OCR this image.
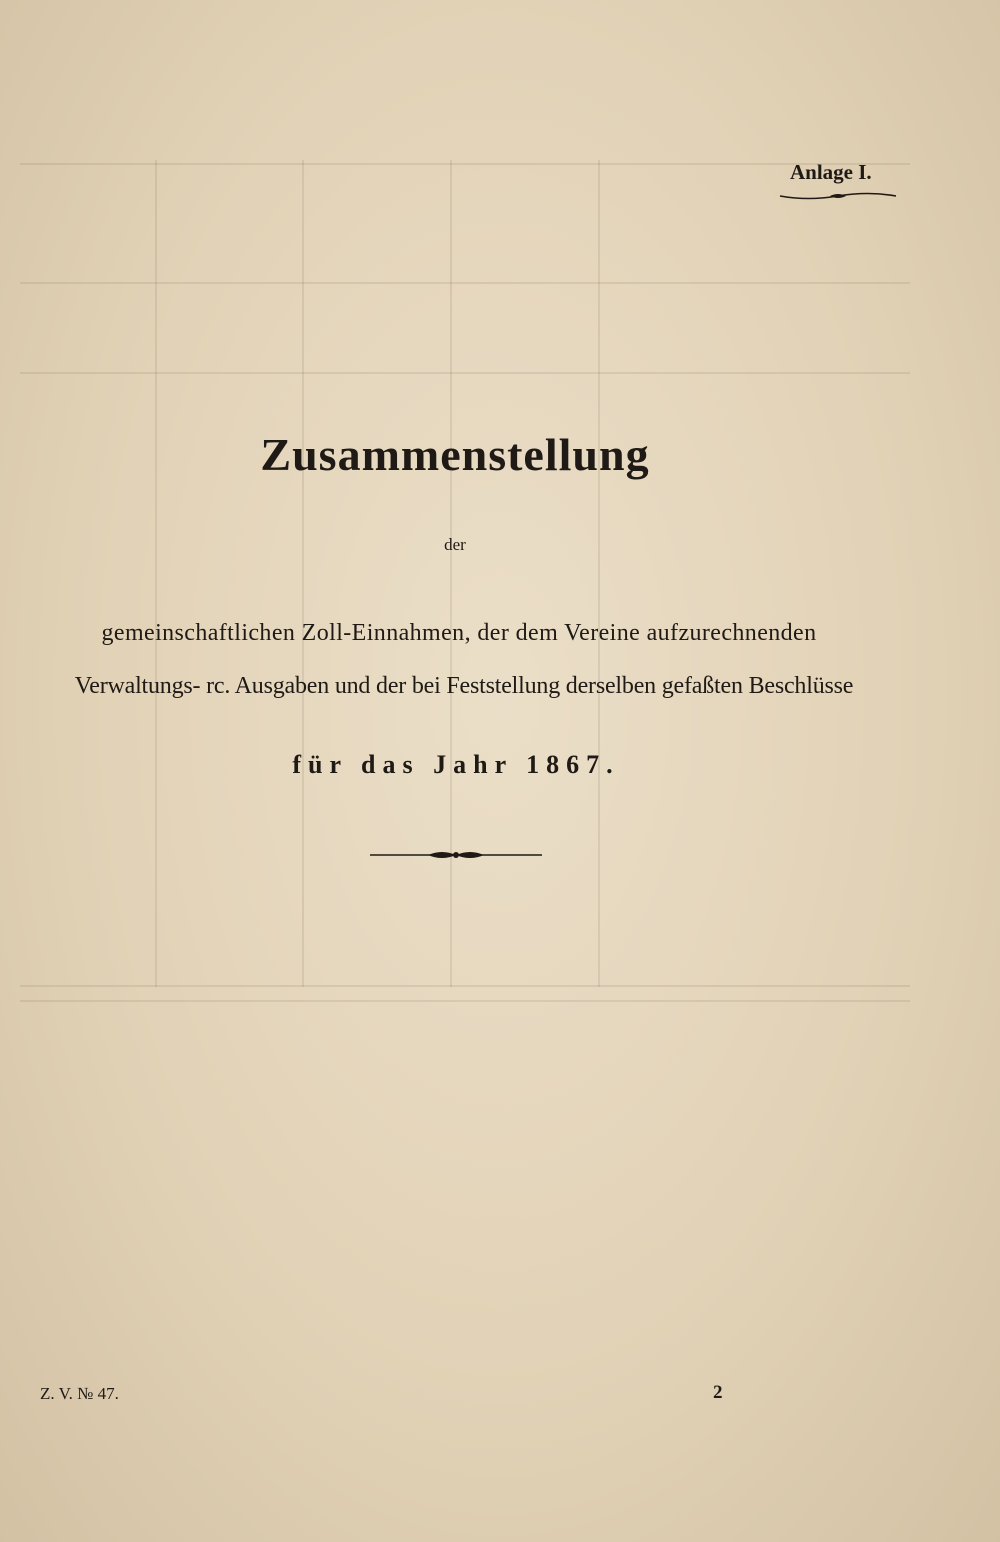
Anlage I.
Zusammenstellung
der
gemeinschaftlichen Zoll-Einnahmen, der dem Vereine aufzurechnenden
Verwaltungs- rc. Ausgaben und der bei Feststellung derselben gefaßten Beschlüsse
für das Jahr 1867.
Z. V. № 47.	2
